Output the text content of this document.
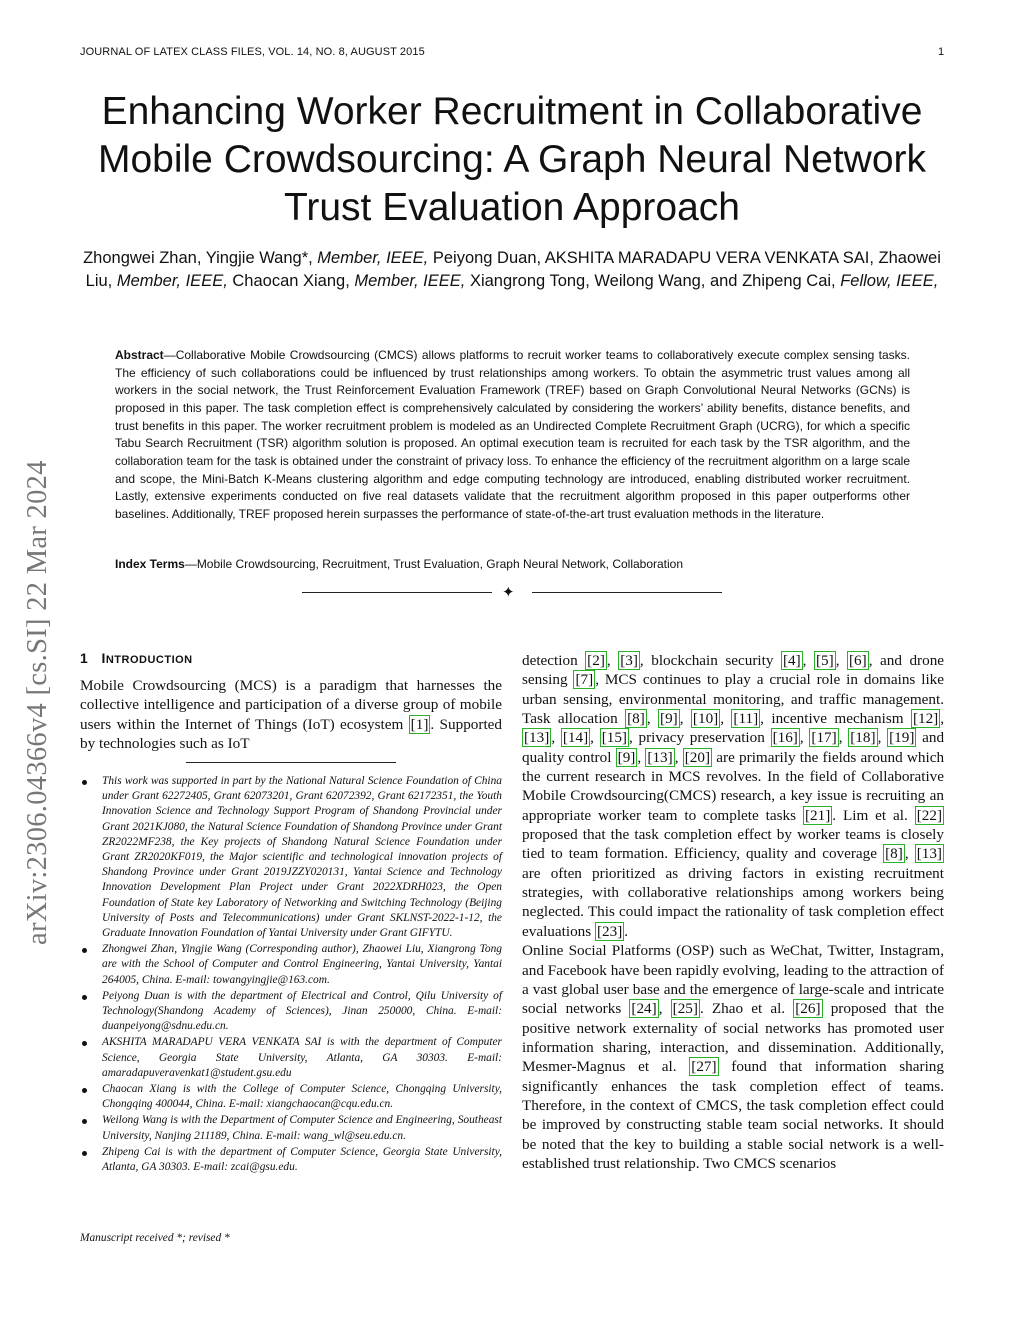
JOURNAL OF LATEX CLASS FILES, VOL. 14, NO. 8, AUGUST 2015	1
Enhancing Worker Recruitment in Collaborative Mobile Crowdsourcing: A Graph Neural Network Trust Evaluation Approach
Zhongwei Zhan, Yingjie Wang*, Member, IEEE, Peiyong Duan, AKSHITA MARADAPU VERA VENKATA SAI, Zhaowei Liu, Member, IEEE, Chaocan Xiang, Member, IEEE, Xiangrong Tong, Weilong Wang, and Zhipeng Cai, Fellow, IEEE,
Abstract—Collaborative Mobile Crowdsourcing (CMCS) allows platforms to recruit worker teams to collaboratively execute complex sensing tasks. The efficiency of such collaborations could be influenced by trust relationships among workers. To obtain the asymmetric trust values among all workers in the social network, the Trust Reinforcement Evaluation Framework (TREF) based on Graph Convolutional Neural Networks (GCNs) is proposed in this paper. The task completion effect is comprehensively calculated by considering the workers’ ability benefits, distance benefits, and trust benefits in this paper. The worker recruitment problem is modeled as an Undirected Complete Recruitment Graph (UCRG), for which a specific Tabu Search Recruitment (TSR) algorithm solution is proposed. An optimal execution team is recruited for each task by the TSR algorithm, and the collaboration team for the task is obtained under the constraint of privacy loss. To enhance the efficiency of the recruitment algorithm on a large scale and scope, the Mini-Batch K-Means clustering algorithm and edge computing technology are introduced, enabling distributed worker recruitment. Lastly, extensive experiments conducted on five real datasets validate that the recruitment algorithm proposed in this paper outperforms other baselines. Additionally, TREF proposed herein surpasses the performance of state-of-the-art trust evaluation methods in the literature.
Index Terms—Mobile Crowdsourcing, Recruitment, Trust Evaluation, Graph Neural Network, Collaboration
✦
arXiv:2306.04366v4 [cs.SI] 22 Mar 2024 1 INTRODUCTION
Mobile Crowdsourcing (MCS) is a paradigm that harnesses the collective intelligence and participation of a diverse group of mobile users within the Internet of Things (IoT) ecosystem [1] . Supported by technologies such as IoT
This work was supported in part by the National Natural Science Foundation of China under Grant 62272405, Grant 62073201, Grant 62072392, Grant 62172351, the Youth Innovation Science and Technology Support Program of Shandong Provincial under Grant 2021KJ080, the Natural Science Foundation of Shandong Province under Grant ZR2022MF238, the Key projects of Shandong Natural Science Foundation under Grant ZR2020KF019, the Major scientific and technological innovation projects of Shandong Province under Grant 2019JZZY020131, Yantai Science and Technology Innovation Development Plan Project under Grant 2022XDRH023, the Open Foundation of State key Laboratory of Networking and Switching Technology (Beijing University of Posts and Telecommunications) under Grant SKLNST-2022-1-12, the Graduate Innovation Foundation of Yantai University under Grant GIFYTU.
Zhongwei Zhan, Yingjie Wang (Corresponding author), Zhaowei Liu, Xiangrong Tong are with the School of Computer and Control Engineering, Yantai University, Yantai 264005, China. E-mail: towangyingjie@163.com.
Peiyong Duan is with the department of Electrical and Control, Qilu University of Technology(Shandong Academy of Sciences), Jinan 250000, China. E-mail: duanpeiyong@sdnu.edu.cn.
AKSHITA MARADAPU VERA VENKATA SAI is with the department of Computer Science, Georgia State University, Atlanta, GA 30303. E-mail: amaradapuveravenkat1@student.gsu.edu
Chaocan Xiang is with the College of Computer Science, Chongqing University, Chongqing 400044, China. E-mail: xiangchaocan@cqu.edu.cn.
Weilong Wang is with the Department of Computer Science and Engineering, Southeast University, Nanjing 211189, China. E-mail: wang_wl@seu.edu.cn.
Zhipeng Cai is with the department of Computer Science, Georgia State University, Atlanta, GA 30303. E-mail: zcai@gsu.edu.
Manuscript received *; revised *

detection [2] , [3] , blockchain security [4] , [5] , [6] , and drone sensing [7] , MCS continues to play a crucial role in domains like urban sensing, environmental monitoring, and traffic management. Task allocation [8] , [9] , [10] , [11] , incentive mechanism [12] , [13] , [14] , [15] , privacy preservation [16] , [17] , [18] , [19] and quality control [9] , [13] , [20] are primarily the fields around which the current research in MCS revolves. In the field of Collaborative Mobile Crowdsourcing(CMCS) research, a key issue is recruiting an appropriate worker team to complete tasks [21] . Lim et al. [22] proposed that the task completion effect by worker teams is closely tied to team formation. Efficiency, quality and coverage [8] , [13] are often prioritized as driving factors in existing recruitment strategies, with collaborative relationships among workers being neglected. This could impact the rationality of task completion effect evaluations [23] .

Online Social Platforms (OSP) such as WeChat, Twitter, Instagram, and Facebook have been rapidly evolving, leading to the attraction of a vast global user base and the emergence of large-scale and intricate social networks [24] , [25] . Zhao et al. [26] proposed that the positive network externality of social networks has promoted user information sharing, interaction, and dissemination. Additionally, Mesmer-Magnus et al. [27] found that information sharing significantly enhances the task completion effect of teams. Therefore, in the context of CMCS, the task completion effect could be improved by constructing stable team social networks. It should be noted that the key to building a stable social network is a well-established trust relationship. Two CMCS scenarios
